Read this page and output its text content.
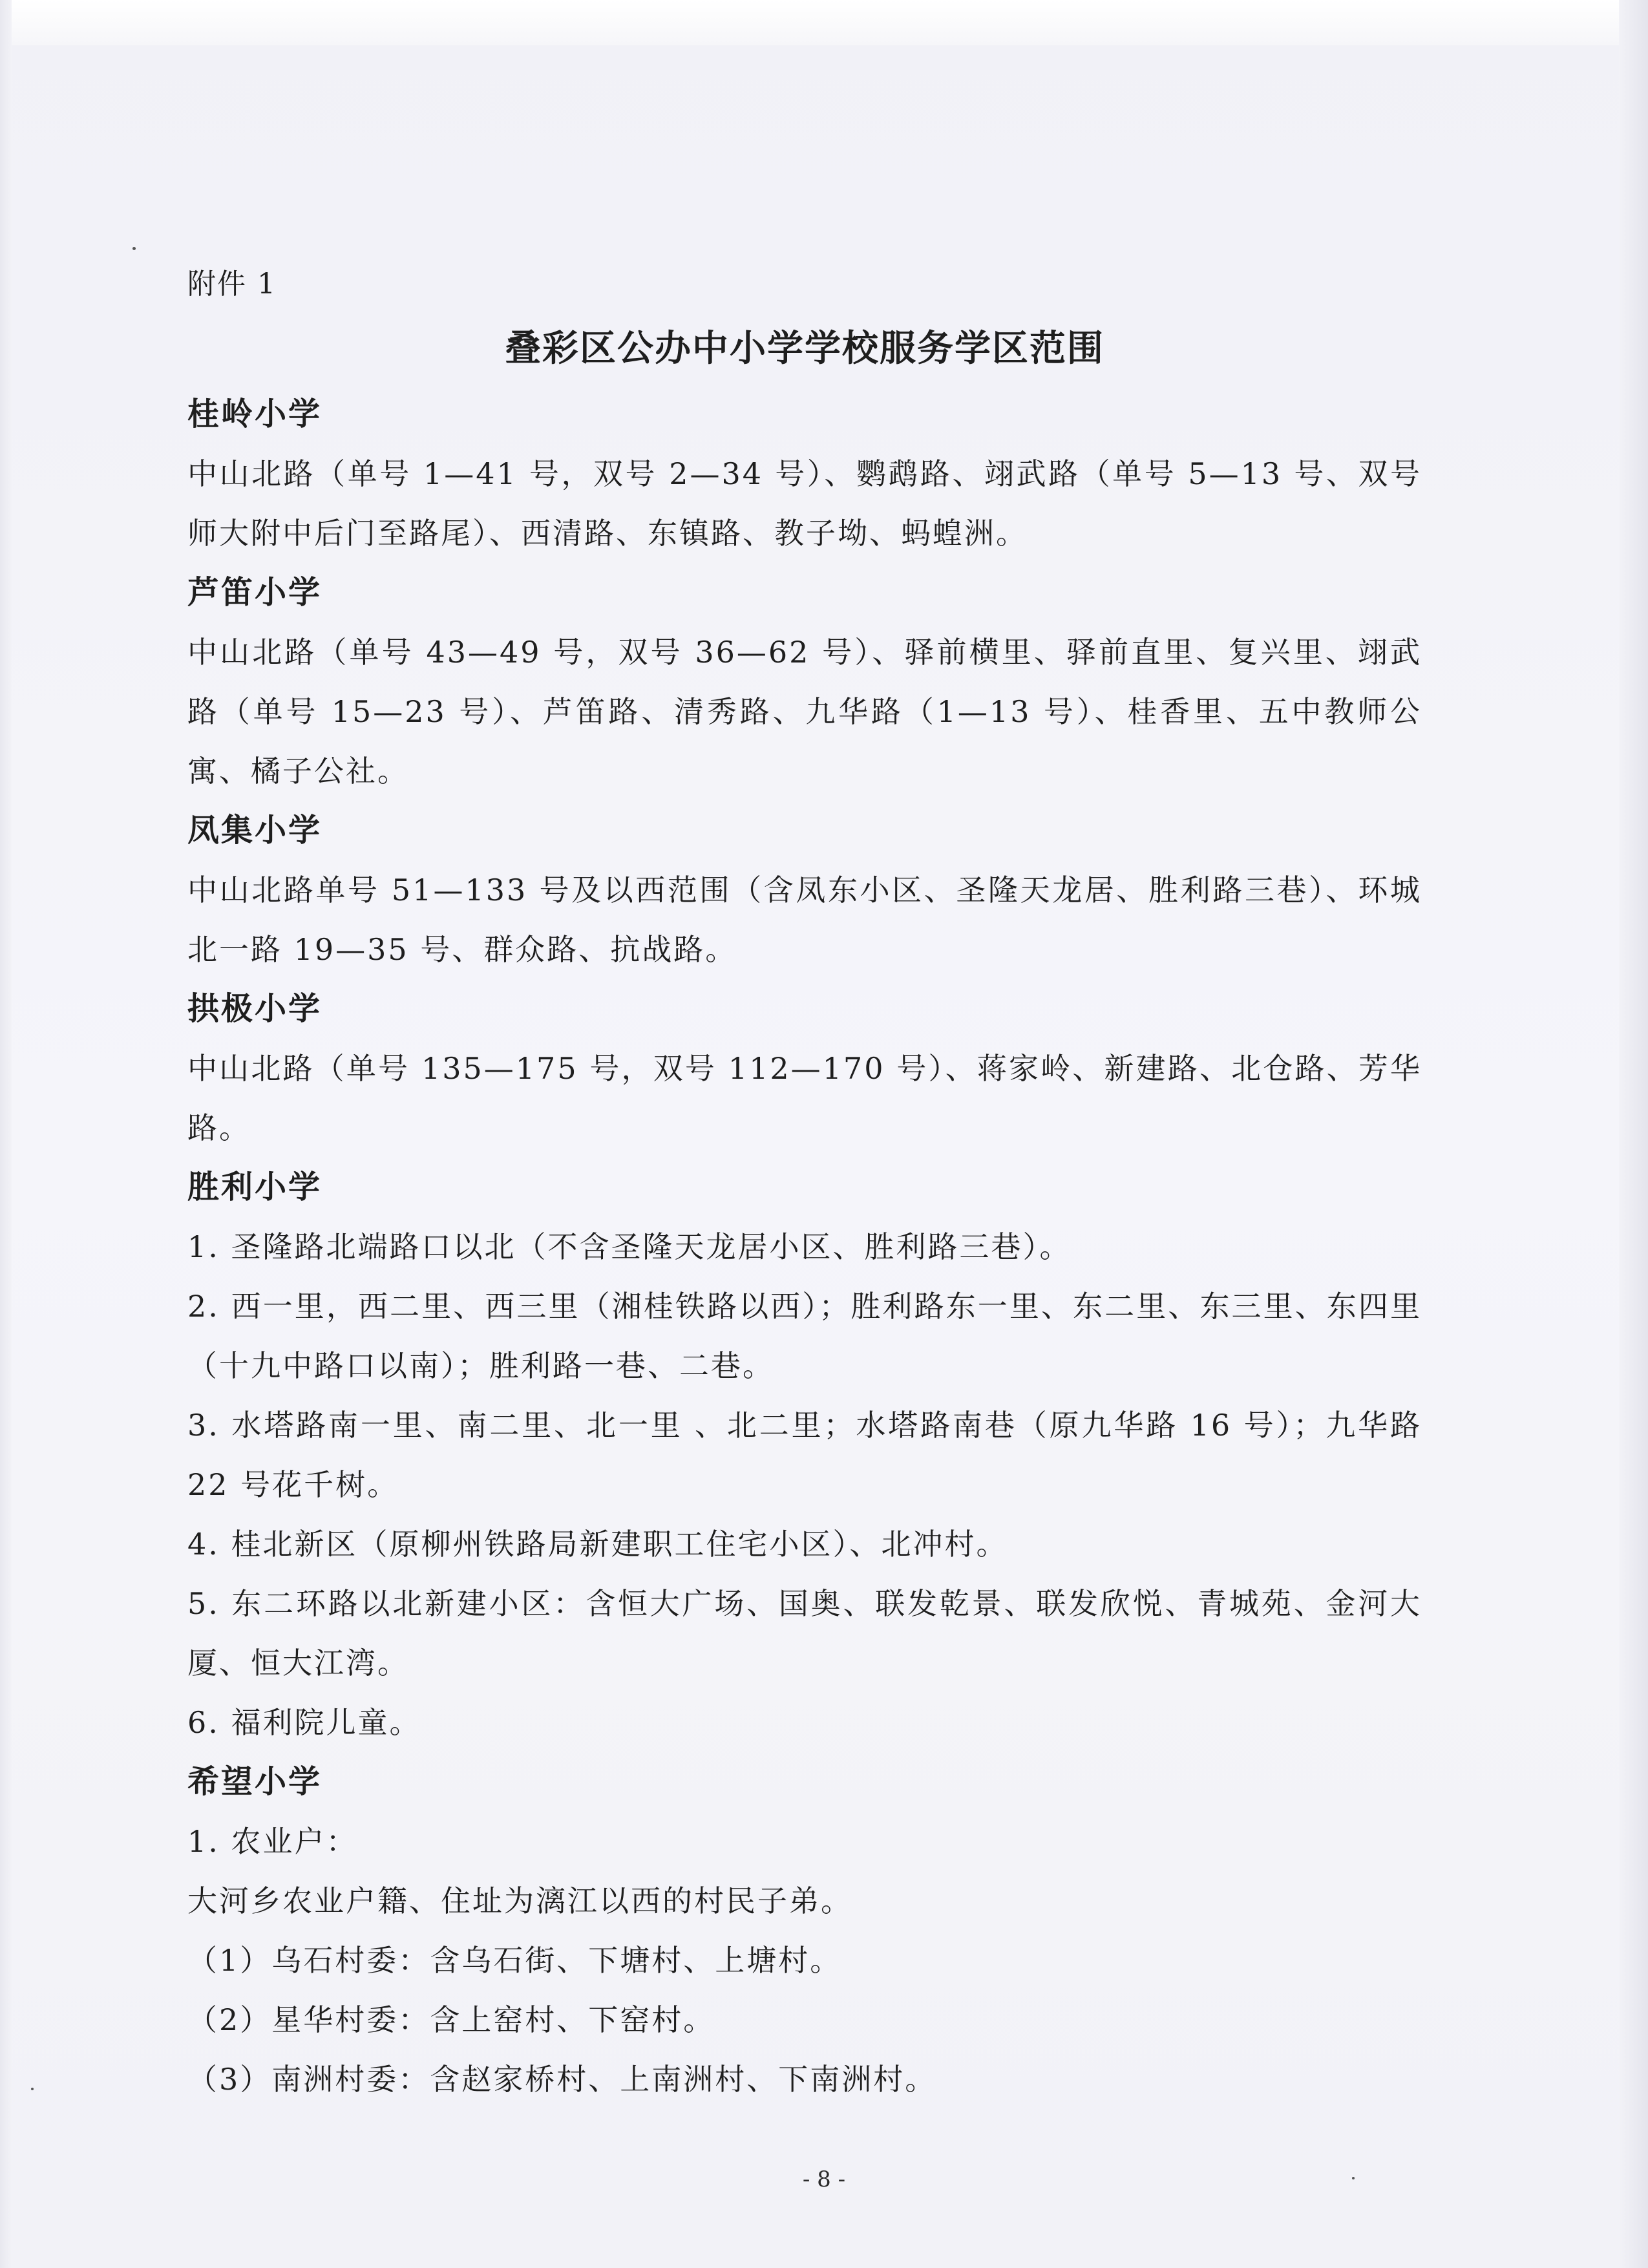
附件 1
叠彩区公办中小学学校服务学区范围
桂岭小学
中山北路（单号 1—41 号，双号 2—34 号）、鹦鹉路、翊武路（单号 5—13 号、双号师大附中后门至路尾）、西清路、东镇路、教子坳、蚂蝗洲。
芦笛小学
中山北路（单号 43—49 号，双号 36—62 号）、驿前横里、驿前直里、复兴里、翊武路（单号 15—23 号）、芦笛路、清秀路、九华路（1—13 号）、桂香里、五中教师公寓、橘子公社。
凤集小学
中山北路单号 51—133 号及以西范围（含凤东小区、圣隆天龙居、胜利路三巷）、环城北一路 19—35 号、群众路、抗战路。
拱极小学
中山北路（单号 135—175 号，双号 112—170 号）、蒋家岭、新建路、北仓路、芳华路。
胜利小学
1. 圣隆路北端路口以北（不含圣隆天龙居小区、胜利路三巷）。
2. 西一里，西二里、西三里（湘桂铁路以西）；胜利路东一里、东二里、东三里、东四里（十九中路口以南）；胜利路一巷、二巷。
3. 水塔路南一里、南二里、北一里 、北二里；水塔路南巷（原九华路 16 号）；九华路 22 号花千树。
4. 桂北新区（原柳州铁路局新建职工住宅小区）、北冲村。
5. 东二环路以北新建小区：含恒大广场、国奥、联发乾景、联发欣悦、青城苑、金河大厦、恒大江湾。
6. 福利院儿童。
希望小学
1. 农业户：
大河乡农业户籍、住址为漓江以西的村民子弟。
（1）乌石村委：含乌石街、下塘村、上塘村。
（2）星华村委：含上窑村、下窑村。
（3）南洲村委：含赵家桥村、上南洲村、下南洲村。
- 8 -
